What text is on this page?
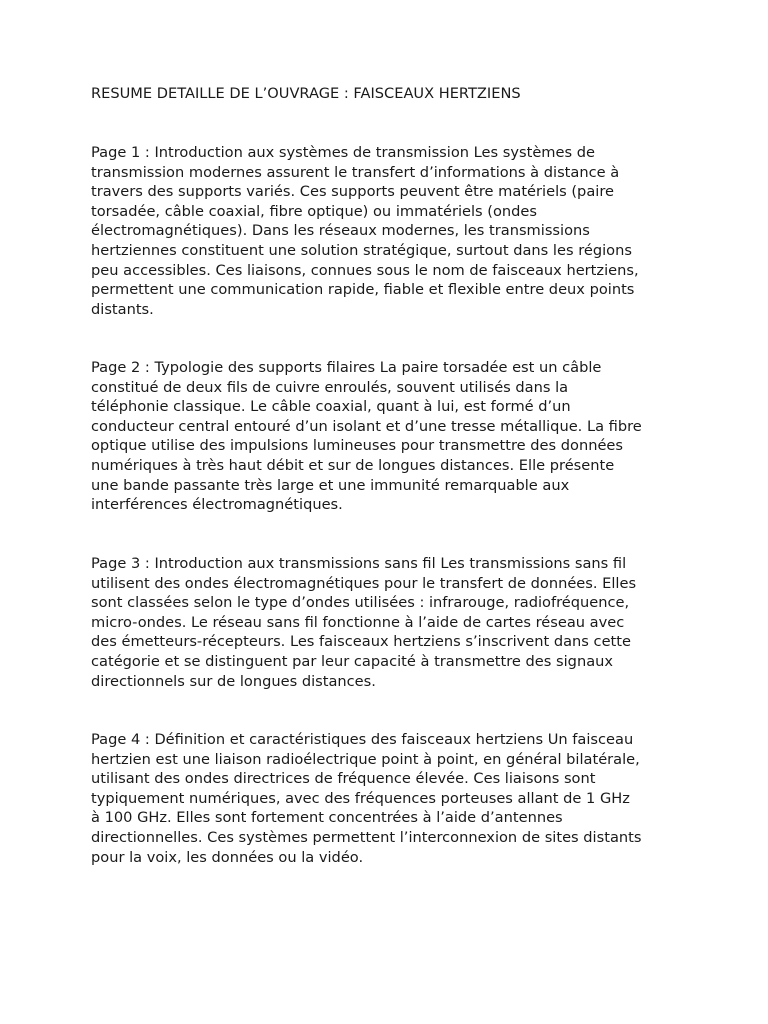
RESUME DETAILLE DE L’OUVRAGE : FAISCEAUX HERTZIENS

Page 1 : Introduction aux systèmes de transmission Les systèmes de
transmission modernes assurent le transfert d’informations à distance à
travers des supports variés. Ces supports peuvent être matériels (paire
torsadée, câble coaxial, fibre optique) ou immatériels (ondes
électromagnétiques). Dans les réseaux modernes, les transmissions
hertziennes constituent une solution stratégique, surtout dans les régions
peu accessibles. Ces liaisons, connues sous le nom de faisceaux hertziens,
permettent une communication rapide, fiable et flexible entre deux points
distants.

Page 2 : Typologie des supports filaires La paire torsadée est un câble
constitué de deux fils de cuivre enroulés, souvent utilisés dans la
téléphonie classique. Le câble coaxial, quant à lui, est formé d’un
conducteur central entouré d’un isolant et d’une tresse métallique. La fibre
optique utilise des impulsions lumineuses pour transmettre des données
numériques à très haut débit et sur de longues distances. Elle présente
une bande passante très large et une immunité remarquable aux
interférences électromagnétiques.

Page 3 : Introduction aux transmissions sans fil Les transmissions sans fil
utilisent des ondes électromagnétiques pour le transfert de données. Elles
sont classées selon le type d’ondes utilisées : infrarouge, radiofréquence,
micro-ondes. Le réseau sans fil fonctionne à l’aide de cartes réseau avec
des émetteurs-récepteurs. Les faisceaux hertziens s’inscrivent dans cette
catégorie et se distinguent par leur capacité à transmettre des signaux
directionnels sur de longues distances.

Page 4 : Définition et caractéristiques des faisceaux hertziens Un faisceau
hertzien est une liaison radioélectrique point à point, en général bilatérale,
utilisant des ondes directrices de fréquence élevée. Ces liaisons sont
typiquement numériques, avec des fréquences porteuses allant de 1 GHz
à 100 GHz. Elles sont fortement concentrées à l’aide d’antennes
directionnelles. Ces systèmes permettent l’interconnexion de sites distants
pour la voix, les données ou la vidéo.
